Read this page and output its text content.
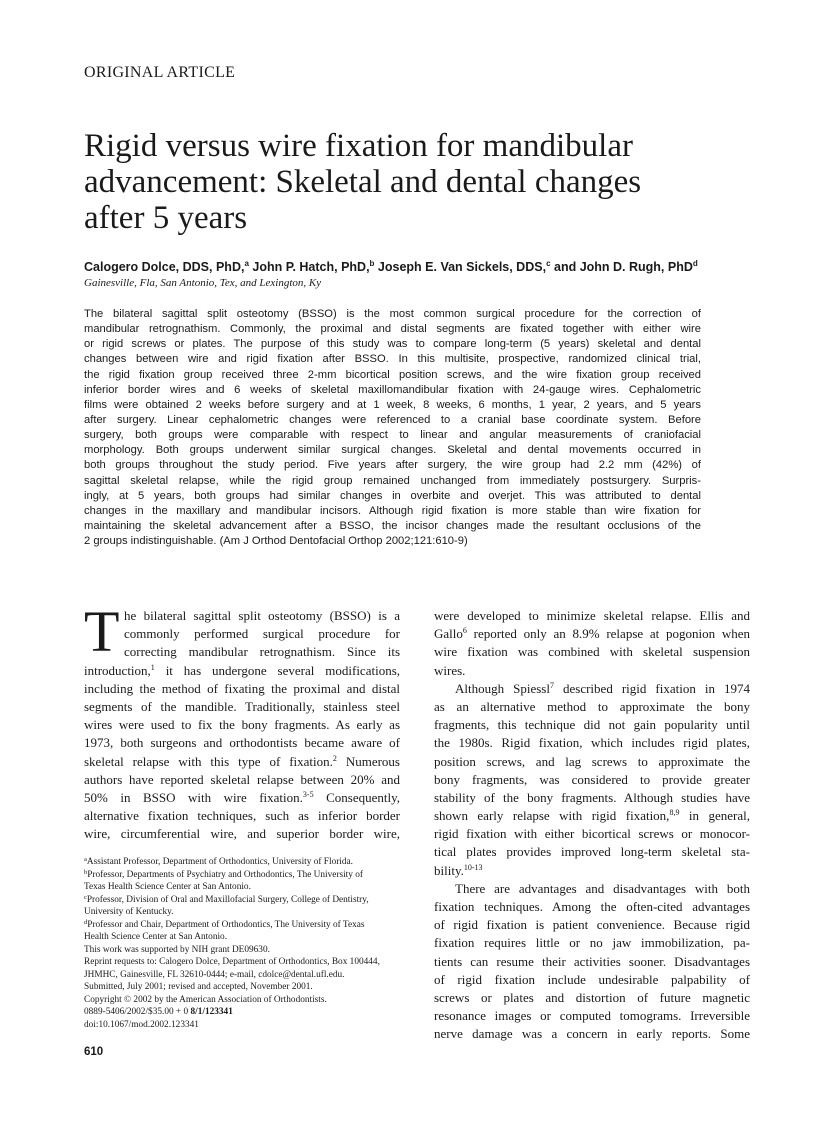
ORIGINAL ARTICLE
Rigid versus wire fixation for mandibular
advancement: Skeletal and dental changes
after 5 years
Calogero Dolce, DDS, PhD,$^a$ John P. Hatch, PhD,$^b$ Joseph E. Van Sickels, DDS,$^c$ and John D. Rugh, PhD$^d$
Gainesville, Fla, San Antonio, Tex, and Lexington, Ky
The bilateral sagittal split osteotomy (BSSO) is the most common surgical procedure for the correction of
mandibular retrognathism. Commonly, the proximal and distal segments are fixated together with either wire
or rigid screws or plates. The purpose of this study was to compare long-term (5 years) skeletal and dental
changes between wire and rigid fixation after BSSO. In this multisite, prospective, randomized clinical trial,
the rigid fixation group received three 2-mm bicortical position screws, and the wire fixation group received
inferior border wires and 6 weeks of skeletal maxillomandibular fixation with 24-gauge wires. Cephalometric
films were obtained 2 weeks before surgery and at 1 week, 8 weeks, 6 months, 1 year, 2 years, and 5 years
after surgery. Linear cephalometric changes were referenced to a cranial base coordinate system. Before
surgery, both groups were comparable with respect to linear and angular measurements of craniofacial
morphology. Both groups underwent similar surgical changes. Skeletal and dental movements occurred in
both groups throughout the study period. Five years after surgery, the wire group had 2.2 mm (42%) of
sagittal skeletal relapse, while the rigid group remained unchanged from immediately postsurgery. Surpris-
ingly, at 5 years, both groups had similar changes in overbite and overjet. This was attributed to dental
changes in the maxillary and mandibular incisors. Although rigid fixation is more stable than wire fixation for
maintaining the skeletal advancement after a BSSO, the incisor changes made the resultant occlusions of the
2 groups indistinguishable. (Am J Orthod Dentofacial Orthop 2002;121:610-9)
T he bilateral sagittal split osteotomy (BSSO) is a
commonly performed surgical procedure for
correcting mandibular retrognathism. Since its
introduction,$^1$ it has undergone several modifications,
including the method of fixating the proximal and distal
segments of the mandible. Traditionally, stainless steel
wires were used to fix the bony fragments. As early as
1973, both surgeons and orthodontists became aware of
skeletal relapse with this type of fixation.$^2$ Numerous
authors have reported skeletal relapse between 20% and
50% in BSSO with wire fixation.$^{3-5}$ Consequently,
alternative fixation techniques, such as inferior border
wire, circumferential wire, and superior border wire,
were developed to minimize skeletal relapse. Ellis and
Gallo$^6$ reported only an 8.9% relapse at pogonion when
wire fixation was combined with skeletal suspension
wires.
Although Spiessl$^7$ described rigid fixation in 1974
as an alternative method to approximate the bony
fragments, this technique did not gain popularity until
the 1980s. Rigid fixation, which includes rigid plates,
position screws, and lag screws to approximate the
bony fragments, was considered to provide greater
stability of the bony fragments. Although studies have
shown early relapse with rigid fixation,$^{8,9}$ in general,
rigid fixation with either bicortical screws or monocor-
tical plates provides improved long-term skeletal sta-
bility.$^{10-13}$
There are advantages and disadvantages with both
fixation techniques. Among the often-cited advantages
of rigid fixation is patient convenience. Because rigid
fixation requires little or no jaw immobilization, pa-
tients can resume their activities sooner. Disadvantages
of rigid fixation include undesirable palpability of
screws or plates and distortion of future magnetic
resonance images or computed tomograms. Irreversible
nerve damage was a concern in early reports. Some
$^a$Assistant Professor, Department of Orthodontics, University of Florida.
$^b$Professor, Departments of Psychiatry and Orthodontics, The University of
Texas Health Science Center at San Antonio.
$^c$Professor, Division of Oral and Maxillofacial Surgery, College of Dentistry,
University of Kentucky.
$^d$Professor and Chair, Department of Orthodontics, The University of Texas
Health Science Center at San Antonio.
This work was supported by NIH grant DE09630.
Reprint requests to: Calogero Dolce, Department of Orthodontics, Box 100444,
JHMHC, Gainesville, FL 32610-0444; e-mail, cdolce@dental.ufl.edu.
Submitted, July 2001; revised and accepted, November 2001.
Copyright © 2002 by the American Association of Orthodontists.
0889-5406/2002/$35.00 + 0 8/1/123341
doi:10.1067/mod.2002.123341
610
